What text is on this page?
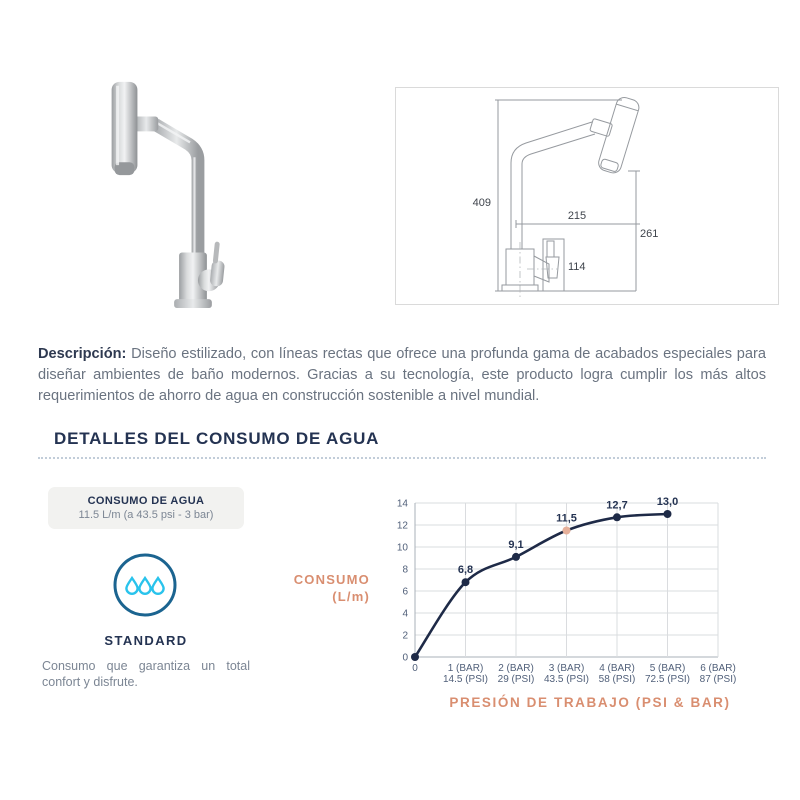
409
215
261
114

Descripción: Diseño estilizado, con líneas rectas que ofrece una profunda gama de acabados especiales para diseñar ambientes de baño modernos. Gracias a su tecnología, este producto logra cumplir los más altos requerimientos de ahorro de agua en construcción sostenible a nivel mundial.

DETALLES DEL CONSUMO DE AGUA
CONSUMO DE AGUA
11.5 L/m (a 43.5 psi - 3 bar)
STANDARD
Consumo que garantiza un total confort y disfrute.
CONSUMO
(L/m)
0
2
4
6
8
10
12
14
0	1 (BAR)
14.5 (PSI)
2 (BAR)
29 (PSI)
3 (BAR)
43.5 (PSI)
4 (BAR)
58 (PSI)
5 (BAR)
72.5 (PSI)
6 (BAR)
87 (PSI)
6,8
9,1
11,5
12,7	13,0
PRESIÓN DE TRABAJO (PSI & BAR)
